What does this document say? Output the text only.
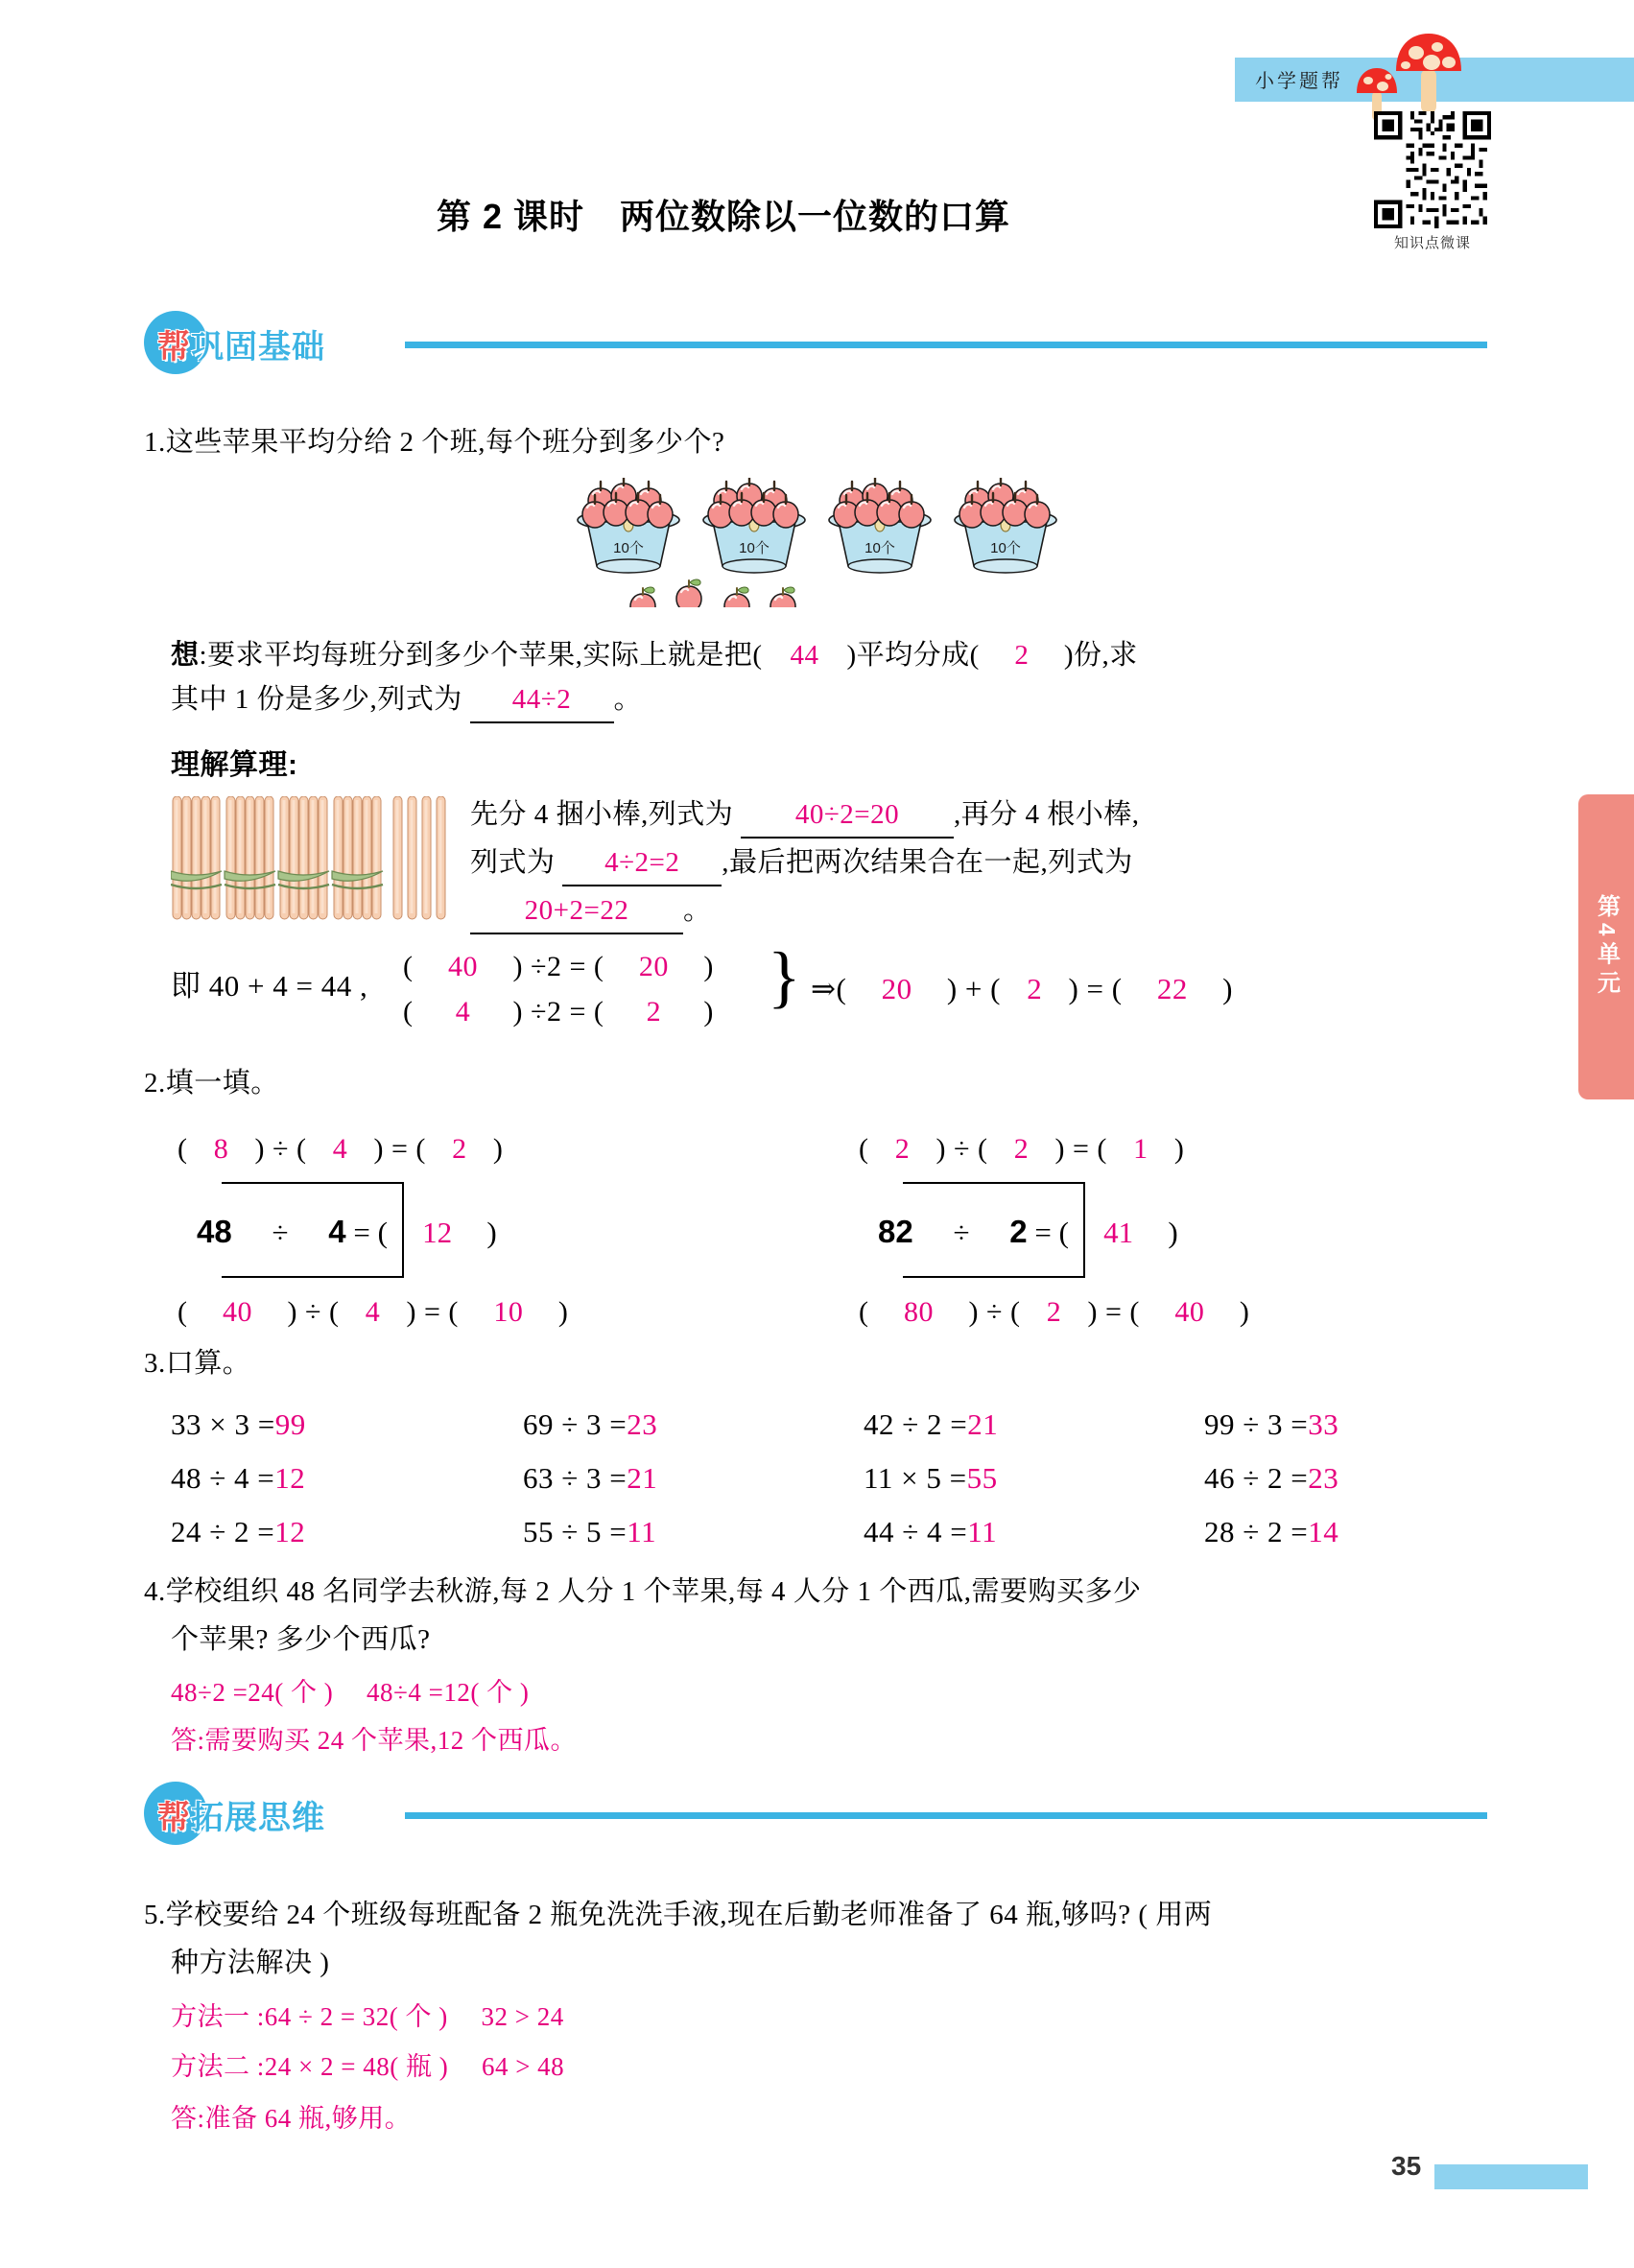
小学题帮
知识点微课
第 2 课时　两位数除以一位数的口算
帮巩固基础
1.这些苹果平均分给 2 个班,每个班分到多少个?
10个	10个	10个	10个
想:要求平均每班分到多少个苹果,实际上就是把( 44 )平均分成( 2 )份,求
其中 1 份是多少,列式为 44÷2 。
理解算理:
先分 4 捆小棒,列式为 40÷2=20 ,再分 4 根小棒,
列式为 4÷2=2 ,最后把两次结果合在一起,列式为
20+2=22 。
即 40 + 4 = 44 ,
( 40 ) ÷2 = ( 20 )
( 4 ) ÷2 = ( 2 ) } ⇒( 20 ) + ( 2 ) = ( 22 )
2.填一填。
( 8 ) ÷ ( 4 ) = ( 2 )	( 2 ) ÷ ( 2 ) = ( 1 )
48 ÷ 4 = ( 12 )	82 ÷ 2 = ( 41 )
( 40 ) ÷ ( 4 ) = ( 10 )	( 80 ) ÷ ( 2 ) = ( 40 )
3.口算。
33 × 3 =99	69 ÷ 3 =23	42 ÷ 2 =21	99 ÷ 3 =33
48 ÷ 4 =12	63 ÷ 3 =21	11 × 5 =55	46 ÷ 2 =23
24 ÷ 2 =12	55 ÷ 5 =11	44 ÷ 4 =11	28 ÷ 2 =14
4.学校组织 48 名同学去秋游,每 2 人分 1 个苹果,每 4 人分 1 个西瓜,需要购买多少
个苹果? 多少个西瓜?
48÷2 =24( 个 )　 48÷4 =12( 个 )
答:需要购买 24 个苹果,12 个西瓜。
帮拓展思维
5.学校要给 24 个班级每班配备 2 瓶免洗洗手液,现在后勤老师准备了 64 瓶,够吗? ( 用两
种方法解决 )
方法一 :64 ÷ 2 = 32( 个 )　 32 > 24
方法二 :24 × 2 = 48( 瓶 )　 64 > 48
答:准备 64 瓶,够用。
第4单元
35
